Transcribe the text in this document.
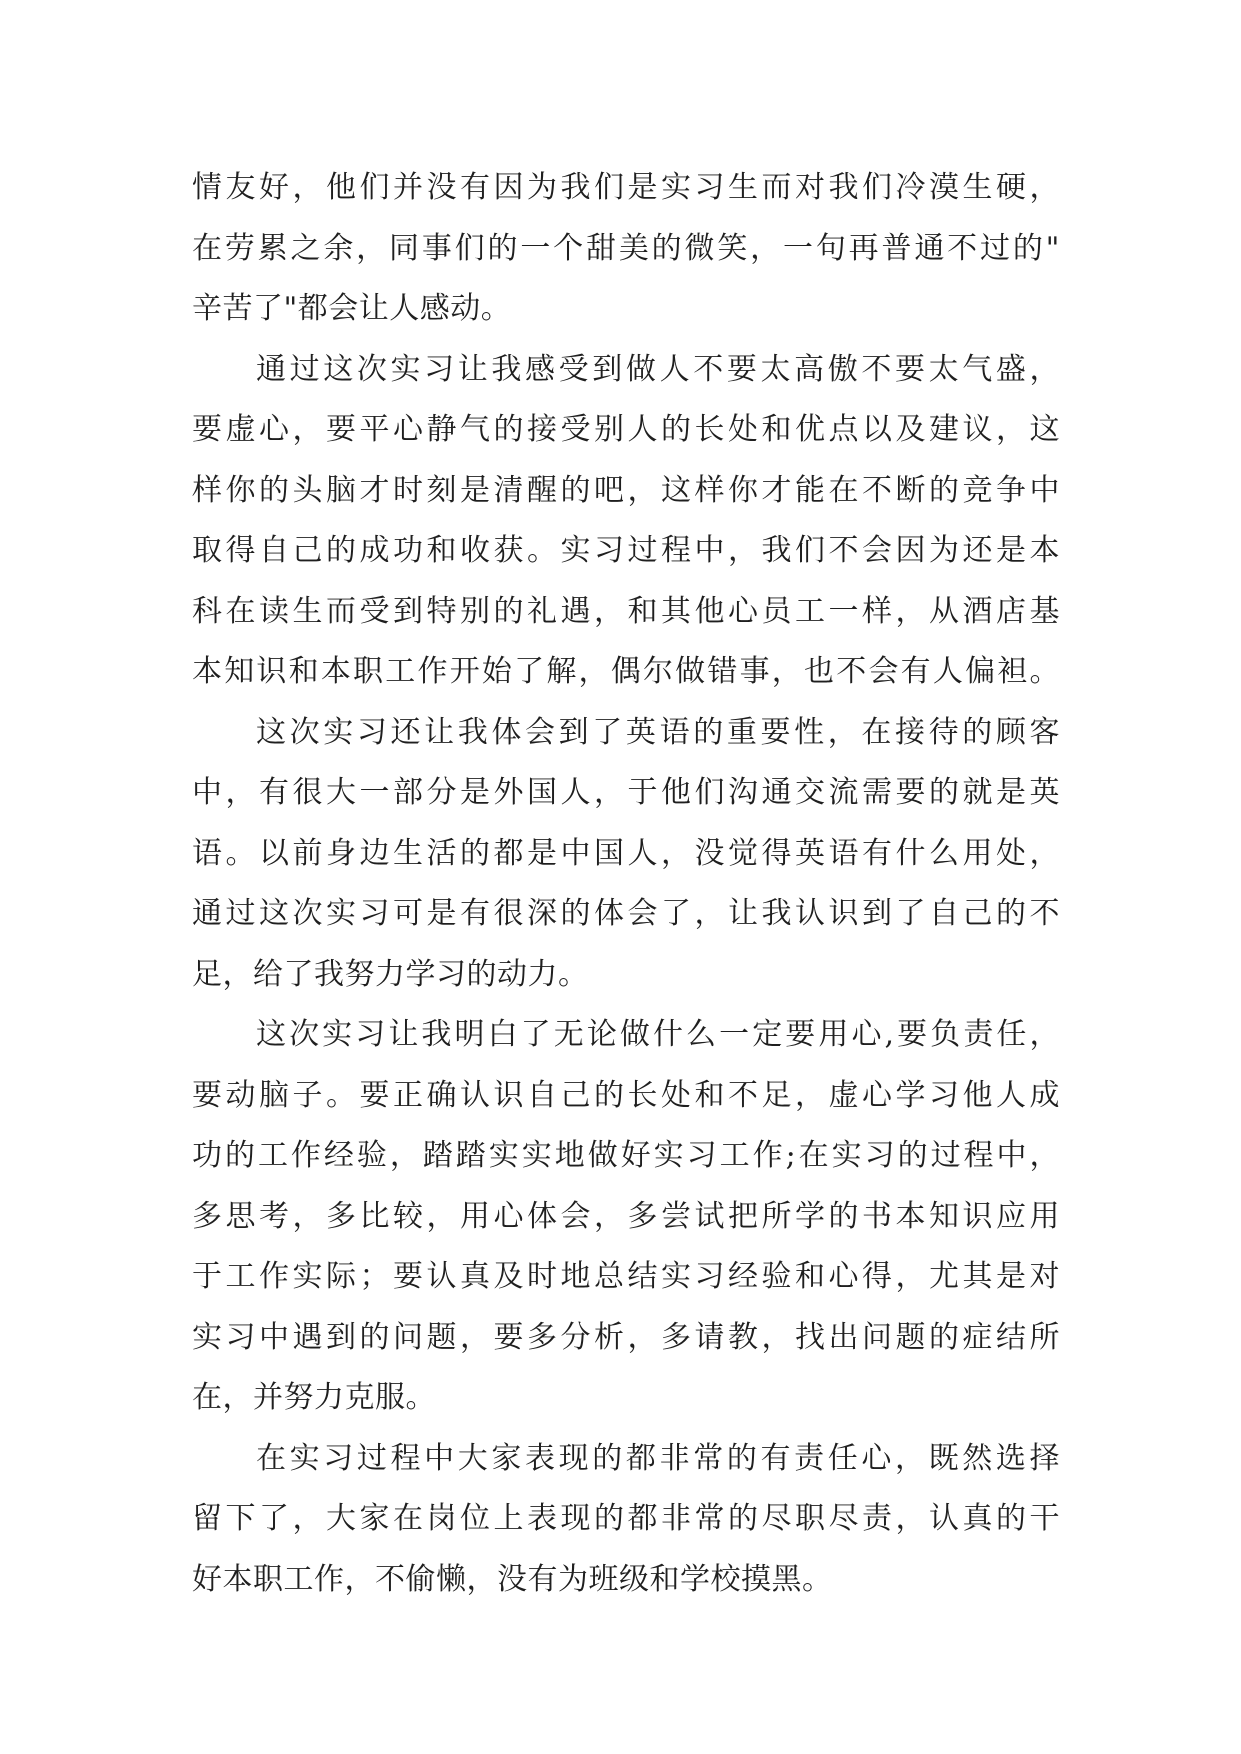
情友好，他们并没有因为我们是实习生而对我们冷漠生硬，
在劳累之余，同事们的一个甜美的微笑，一句再普通不过的"
辛苦了"都会让人感动。
通过这次实习让我感受到做人不要太高傲不要太气盛，
要虚心，要平心静气的接受别人的长处和优点以及建议，这
样你的头脑才时刻是清醒的吧，这样你才能在不断的竞争中
取得自己的成功和收获。实习过程中，我们不会因为还是本
科在读生而受到特别的礼遇，和其他心员工一样，从酒店基
本知识和本职工作开始了解，偶尔做错事，也不会有人偏袒。
这次实习还让我体会到了英语的重要性，在接待的顾客
中，有很大一部分是外国人，于他们沟通交流需要的就是英
语。以前身边生活的都是中国人，没觉得英语有什么用处，
通过这次实习可是有很深的体会了，让我认识到了自己的不
足，给了我努力学习的动力。
这次实习让我明白了无论做什么一定要用心,要负责任，
要动脑子。要正确认识自己的长处和不足，虚心学习他人成
功的工作经验，踏踏实实地做好实习工作;在实习的过程中，
多思考，多比较，用心体会，多尝试把所学的书本知识应用
于工作实际；要认真及时地总结实习经验和心得，尤其是对
实习中遇到的问题，要多分析，多请教，找出问题的症结所
在，并努力克服。
在实习过程中大家表现的都非常的有责任心，既然选择
留下了，大家在岗位上表现的都非常的尽职尽责，认真的干
好本职工作，不偷懒，没有为班级和学校摸黑。
